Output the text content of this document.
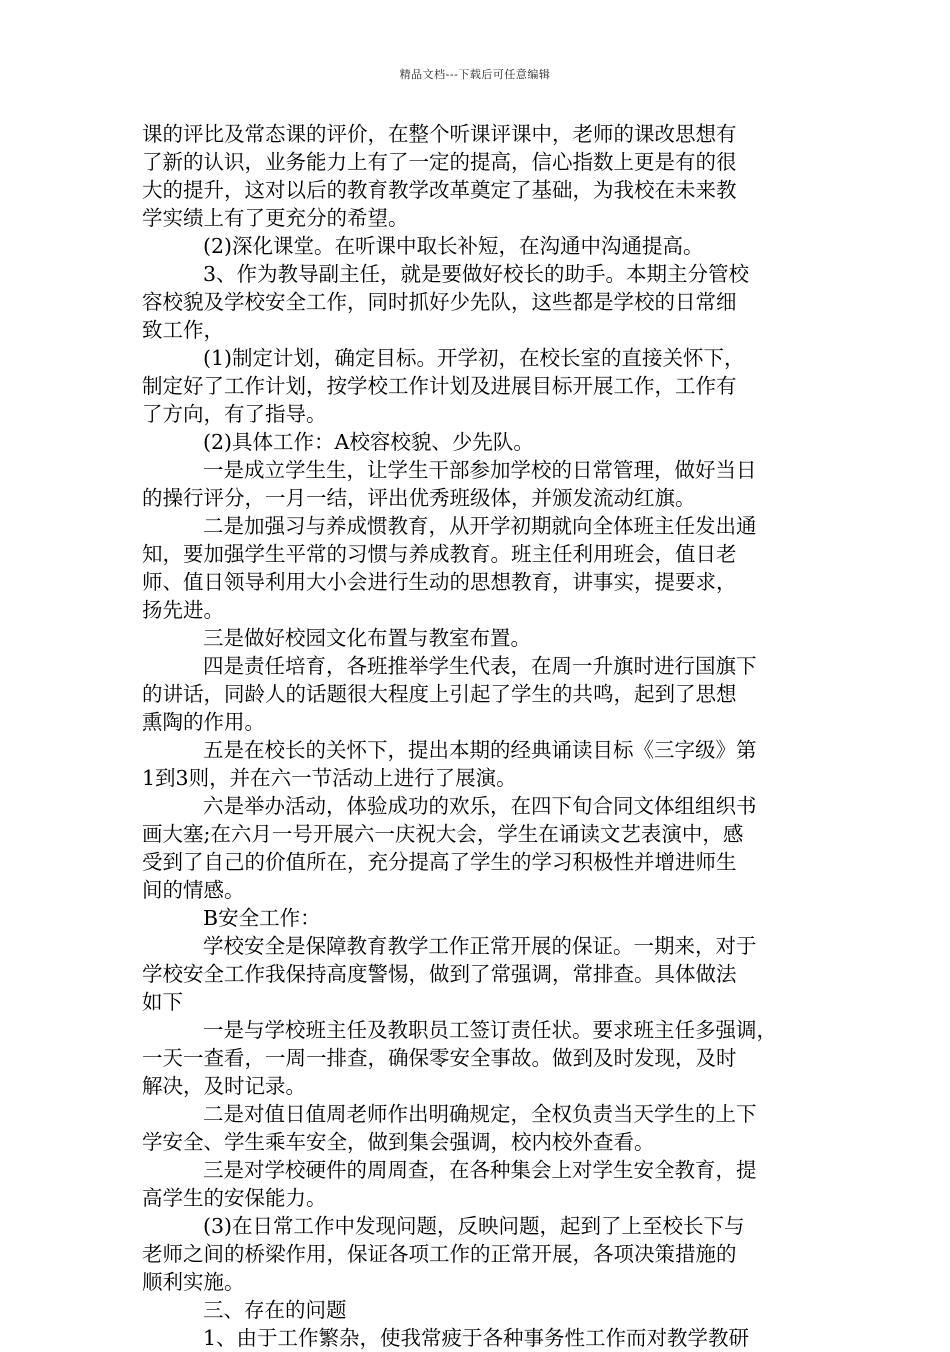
精品文档---下载后可任意编辑
课的评比及常态课的评价，在整个听课评课中，老师的课改思想有
了新的认识，业务能力上有了一定的提高，信心指数上更是有的很
大的提升，这对以后的教育教学改革奠定了基础，为我校在未来教
学实绩上有了更充分的希望。
(2)深化课堂。在听课中取长补短，在沟通中沟通提高。
3、作为教导副主任，就是要做好校长的助手。本期主分管校
容校貌及学校安全工作，同时抓好少先队，这些都是学校的日常细
致工作，
(1)制定计划，确定目标。开学初，在校长室的直接关怀下，
制定好了工作计划，按学校工作计划及进展目标开展工作，工作有
了方向，有了指导。
(2)具体工作：A校容校貌、少先队。
一是成立学生生，让学生干部参加学校的日常管理，做好当日
的操行评分，一月一结，评出优秀班级体，并颁发流动红旗。
二是加强习与养成惯教育，从开学初期就向全体班主任发出通
知，要加强学生平常的习惯与养成教育。班主任利用班会，值日老
师、值日领导利用大小会进行生动的思想教育，讲事实，提要求，
扬先进。
三是做好校园文化布置与教室布置。
四是责任培育，各班推举学生代表，在周一升旗时进行国旗下
的讲话，同龄人的话题很大程度上引起了学生的共鸣，起到了思想
熏陶的作用。
五是在校长的关怀下，提出本期的经典诵读目标《三字级》第
1到3则，并在六一节活动上进行了展演。
六是举办活动，体验成功的欢乐，在四下旬合同文体组组织书
画大塞;在六月一号开展六一庆祝大会，学生在诵读文艺表演中，感
受到了自己的价值所在，充分提高了学生的学习积极性并增进师生
间的情感。
B安全工作：
学校安全是保障教育教学工作正常开展的保证。一期来，对于
学校安全工作我保持高度警惕，做到了常强调，常排查。具体做法
如下
一是与学校班主任及教职员工签订责任状。要求班主任多强调，
一天一查看，一周一排查，确保零安全事故。做到及时发现，及时
解决，及时记录。
二是对值日值周老师作出明确规定，全权负责当天学生的上下
学安全、学生乘车安全，做到集会强调，校内校外查看。
三是对学校硬件的周周查，在各种集会上对学生安全教育，提
高学生的安保能力。
(3)在日常工作中发现问题，反映问题，起到了上至校长下与
老师之间的桥梁作用，保证各项工作的正常开展，各项决策措施的
顺利实施。
三、存在的问题
1、由于工作繁杂，使我常疲于各种事务性工作而对教学教研
